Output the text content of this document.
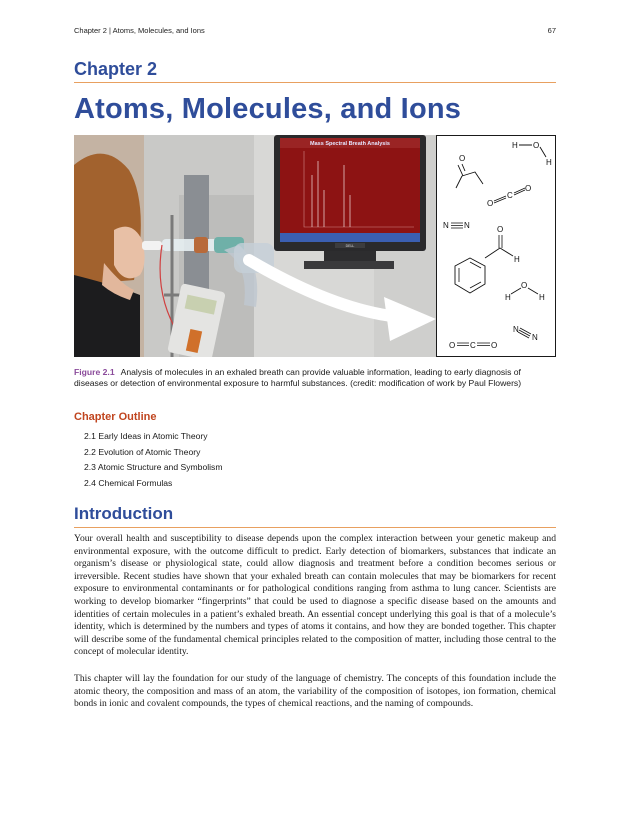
Chapter 2 | Atoms, Molecules, and Ions	67
Chapter 2
Atoms, Molecules, and Ions
Mass Spectral Breath Analysis
DELL
O
H O
H
O
C
O
N N	O
H
O
H	H
N
N
O C O
Figure 2.1 Analysis of molecules in an exhaled breath can provide valuable information, leading to early diagnosis of diseases or detection of environmental exposure to harmful substances. (credit: modification of work by Paul Flowers)
Chapter Outline
2.1 Early Ideas in Atomic Theory
2.2 Evolution of Atomic Theory
2.3 Atomic Structure and Symbolism
2.4 Chemical Formulas
Introduction
Your overall health and susceptibility to disease depends upon the complex interaction between your genetic makeup and environmental exposure, with the outcome difficult to predict. Early detection of biomarkers, substances that indicate an organism’s disease or physiological state, could allow diagnosis and treatment before a condition becomes serious or irreversible. Recent studies have shown that your exhaled breath can contain molecules that may be biomarkers for recent exposure to environmental contaminants or for pathological conditions ranging from asthma to lung cancer. Scientists are working to develop biomarker “fingerprints” that could be used to diagnose a specific disease based on the amounts and identities of certain molecules in a patient’s exhaled breath. An essential concept underlying this goal is that of a molecule’s identity, which is determined by the numbers and types of atoms it contains, and how they are bonded together. This chapter will describe some of the fundamental chemical principles related to the composition of matter, including those central to the concept of molecular identity.
This chapter will lay the foundation for our study of the language of chemistry. The concepts of this foundation include the atomic theory, the composition and mass of an atom, the variability of the composition of isotopes, ion formation, chemical bonds in ionic and covalent compounds, the types of chemical reactions, and the naming of compounds.
